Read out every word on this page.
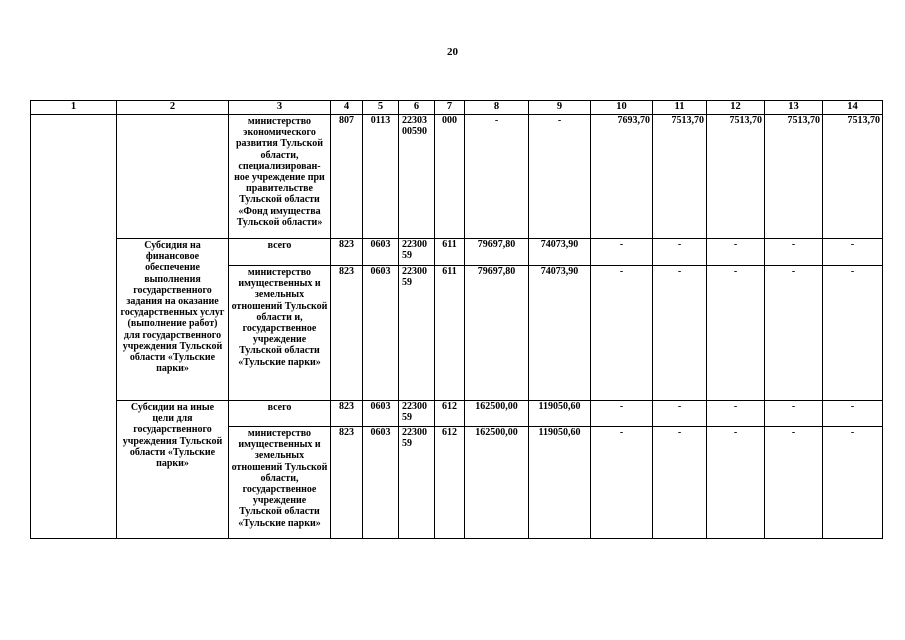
20
1	2	3	4	5	6	7	8	9	10	11	12	13	14
		министерство экономического развития Тульской области, специализирован-ное учреждение при правительстве Тульской области «Фонд имущества Тульской области»	807	0113	22303 00590	000	-	-	7693,70	7513,70	7513,70	7513,70	7513,70
	Субсидия на финансовое обеспечение выполнения государственного задания на оказание государственных услуг (выполнение работ) для государственного учреждения Тульской области «Тульские парки»	всего	823	0603	22300 59	611	79697,80	74073,90	-	-	-	-	-
		министерство имущественных и земельных отношений Тульской области и, государственное учреждение Тульской области «Тульские парки»	823	0603	22300 59	611	79697,80	74073,90	-	-	-	-	-
	Субсидии на иные цели для государственного учреждения Тульской области «Тульские парки»	всего	823	0603	22300 59	612	162500,00	119050,60	-	-	-	-	-
		министерство имущественных и земельных отношений Тульской области, государственное учреждение Тульской области «Тульские парки»	823	0603	22300 59	612	162500,00	119050,60	-	-	-	-	-
